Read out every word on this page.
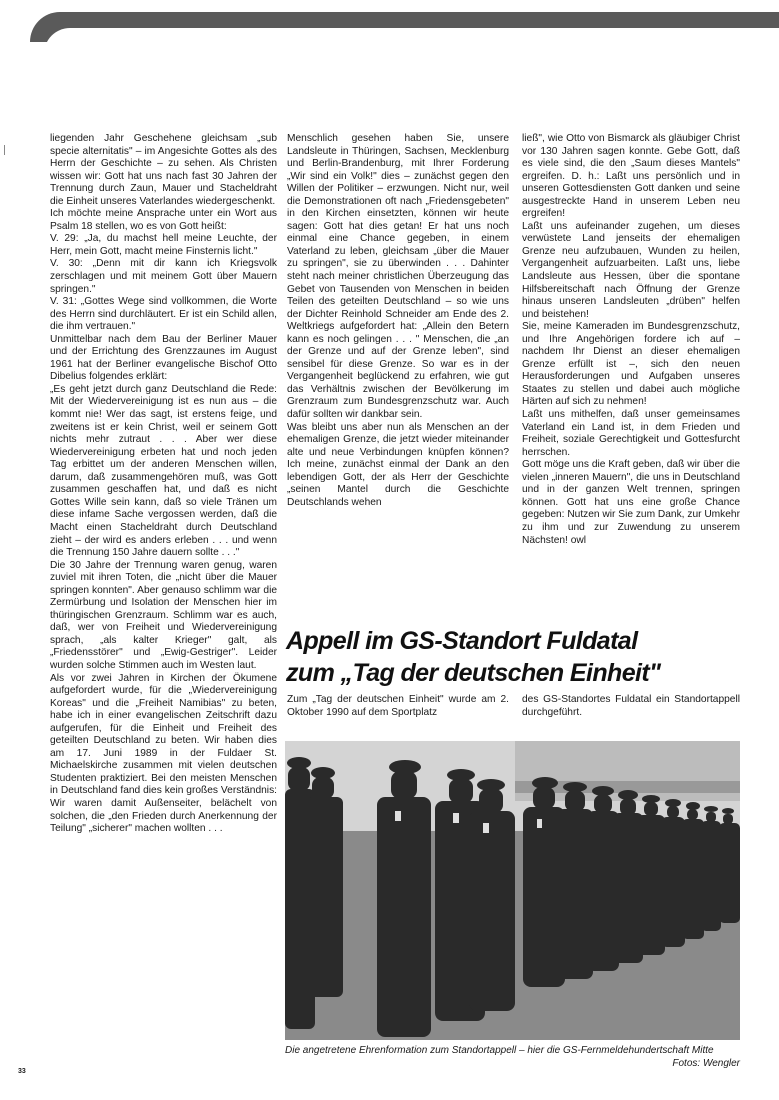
liegenden Jahr Geschehene gleichsam „sub specie alternitatis" – im Angesichte Gottes als des Herrn der Geschichte – zu sehen. Als Christen wissen wir: Gott hat uns nach fast 30 Jahren der Trennung durch Zaun, Mauer und Stacheldraht die Einheit unseres Vaterlandes wiedergeschenkt.

Ich möchte meine Ansprache unter ein Wort aus Psalm 18 stellen, wo es von Gott heißt:

V. 29: „Ja, du machst hell meine Leuchte, der Herr, mein Gott, macht meine Finsternis licht."

V. 30: „Denn mit dir kann ich Kriegsvolk zerschlagen und mit meinem Gott über Mauern springen."

V. 31: „Gottes Wege sind vollkommen, die Worte des Herrn sind durchläutert. Er ist ein Schild allen, die ihm vertrauen."

Unmittelbar nach dem Bau der Berliner Mauer und der Errichtung des Grenzzaunes im August 1961 hat der Berliner evangelische Bischof Otto Dibelius folgendes erklärt:

„Es geht jetzt durch ganz Deutschland die Rede: Mit der Wiedervereinigung ist es nun aus – die kommt nie! Wer das sagt, ist erstens feige, und zweitens ist er kein Christ, weil er seinem Gott nichts mehr zutraut . . . Aber wer diese Wiedervereinigung erbeten hat und noch jeden Tag erbittet um der anderen Menschen willen, darum, daß zusammengehören muß, was Gott zusammen geschaffen hat, und daß es nicht Gottes Wille sein kann, daß so viele Tränen um diese infame Sache vergossen werden, daß die Macht einen Stacheldraht durch Deutschland zieht – der wird es anders erleben . . . und wenn die Trennung 150 Jahre dauern sollte . . ."

Die 30 Jahre der Trennung waren genug, waren zuviel mit ihren Toten, die „nicht über die Mauer springen konnten". Aber genauso schlimm war die Zermürbung und Isolation der Menschen hier im thüringischen Grenzraum. Schlimm war es auch, daß, wer von Freiheit und Wiedervereinigung sprach, „als kalter Krieger" galt, als „Friedensstörer" und „Ewig-Gestriger". Leider wurden solche Stimmen auch im Westen laut.

Als vor zwei Jahren in Kirchen der Ökumene aufgefordert wurde, für die „Wiedervereinigung Koreas" und die „Freiheit Namibias" zu beten, habe ich in einer evangelischen Zeitschrift dazu aufgerufen, für die Einheit und Freiheit des geteilten Deutschland zu beten. Wir haben dies am 17. Juni 1989 in der Fuldaer St. Michaelskirche zusammen mit vielen deutschen Studenten praktiziert. Bei den meisten Menschen in Deutschland fand dies kein großes Verständnis: Wir waren damit Außenseiter, belächelt von solchen, die „den Frieden durch Anerkennung der Teilung" „sicherer" machen wollten . . .

Menschlich gesehen haben Sie, unsere Landsleute in Thüringen, Sachsen, Mecklenburg und Berlin-Brandenburg, mit Ihrer Forderung „Wir sind ein Volk!" dies – zunächst gegen den Willen der Politiker – erzwungen. Nicht nur, weil die Demonstrationen oft nach „Friedensgebeten" in den Kirchen einsetzten, können wir heute sagen: Gott hat dies getan! Er hat uns noch einmal eine Chance gegeben, in einem Vaterland zu leben, gleichsam „über die Mauer zu springen", sie zu überwinden . . . Dahinter steht nach meiner christlichen Überzeugung das Gebet von Tausenden von Menschen in beiden Teilen des geteilten Deutschland – so wie uns der Dichter Reinhold Schneider am Ende des 2. Weltkriegs aufgefordert hat: „Allein den Betern kann es noch gelingen . . . " Menschen, die „an der Grenze und auf der Grenze leben", sind sensibel für diese Grenze. So war es in der Vergangenheit beglückend zu erfahren, wie gut das Verhältnis zwischen der Bevölkerung im Grenzraum zum Bundesgrenzschutz war. Auch dafür sollten wir dankbar sein.

Was bleibt uns aber nun als Menschen an der ehemaligen Grenze, die jetzt wieder miteinander alte und neue Verbindungen knüpfen können? Ich meine, zunächst einmal der Dank an den lebendigen Gott, der als Herr der Geschichte „seinen Mantel durch die Geschichte Deutschlands wehen

ließ", wie Otto von Bismarck als gläubiger Christ vor 130 Jahren sagen konnte. Gebe Gott, daß es viele sind, die den „Saum dieses Mantels" ergreifen. D. h.: Laßt uns persönlich und in unseren Gottesdiensten Gott danken und seine ausgestreckte Hand in unserem Leben neu ergreifen!

Laßt uns aufeinander zugehen, um dieses verwüstete Land jenseits der ehemaligen Grenze neu aufzubauen, Wunden zu heilen, Vergangenheit aufzuarbeiten. Laßt uns, liebe Landsleute aus Hessen, über die spontane Hilfsbereitschaft nach Öffnung der Grenze hinaus unseren Landsleuten „drüben" helfen und beistehen!

Sie, meine Kameraden im Bundesgrenzschutz, und Ihre Angehörigen fordere ich auf – nachdem Ihr Dienst an dieser ehemaligen Grenze erfüllt ist –, sich den neuen Herausforderungen und Aufgaben unseres Staates zu stellen und dabei auch mögliche Härten auf sich zu nehmen!

Laßt uns mithelfen, daß unser gemeinsames Vaterland ein Land ist, in dem Frieden und Freiheit, soziale Gerechtigkeit und Gottesfurcht herrschen.

Gott möge uns die Kraft geben, daß wir über die vielen „inneren Mauern", die uns in Deutschland und in der ganzen Welt trennen, springen können. Gott hat uns eine große Chance gegeben: Nutzen wir Sie zum Dank, zur Umkehr zu ihm und zur Zuwendung zu unserem Nächsten! owl

Appell im GS-Standort Fuldatal
zum „Tag der deutschen Einheit"

Zum „Tag der deutschen Einheit" wurde am 2. Oktober 1990 auf dem Sportplatz

des GS-Standortes Fuldatal ein Standortappell durchgeführt.

Die angetretene Ehrenformation zum Standortappell – hier die GS-Fernmeldehundertschaft Mitte
Fotos: Wengler
33
